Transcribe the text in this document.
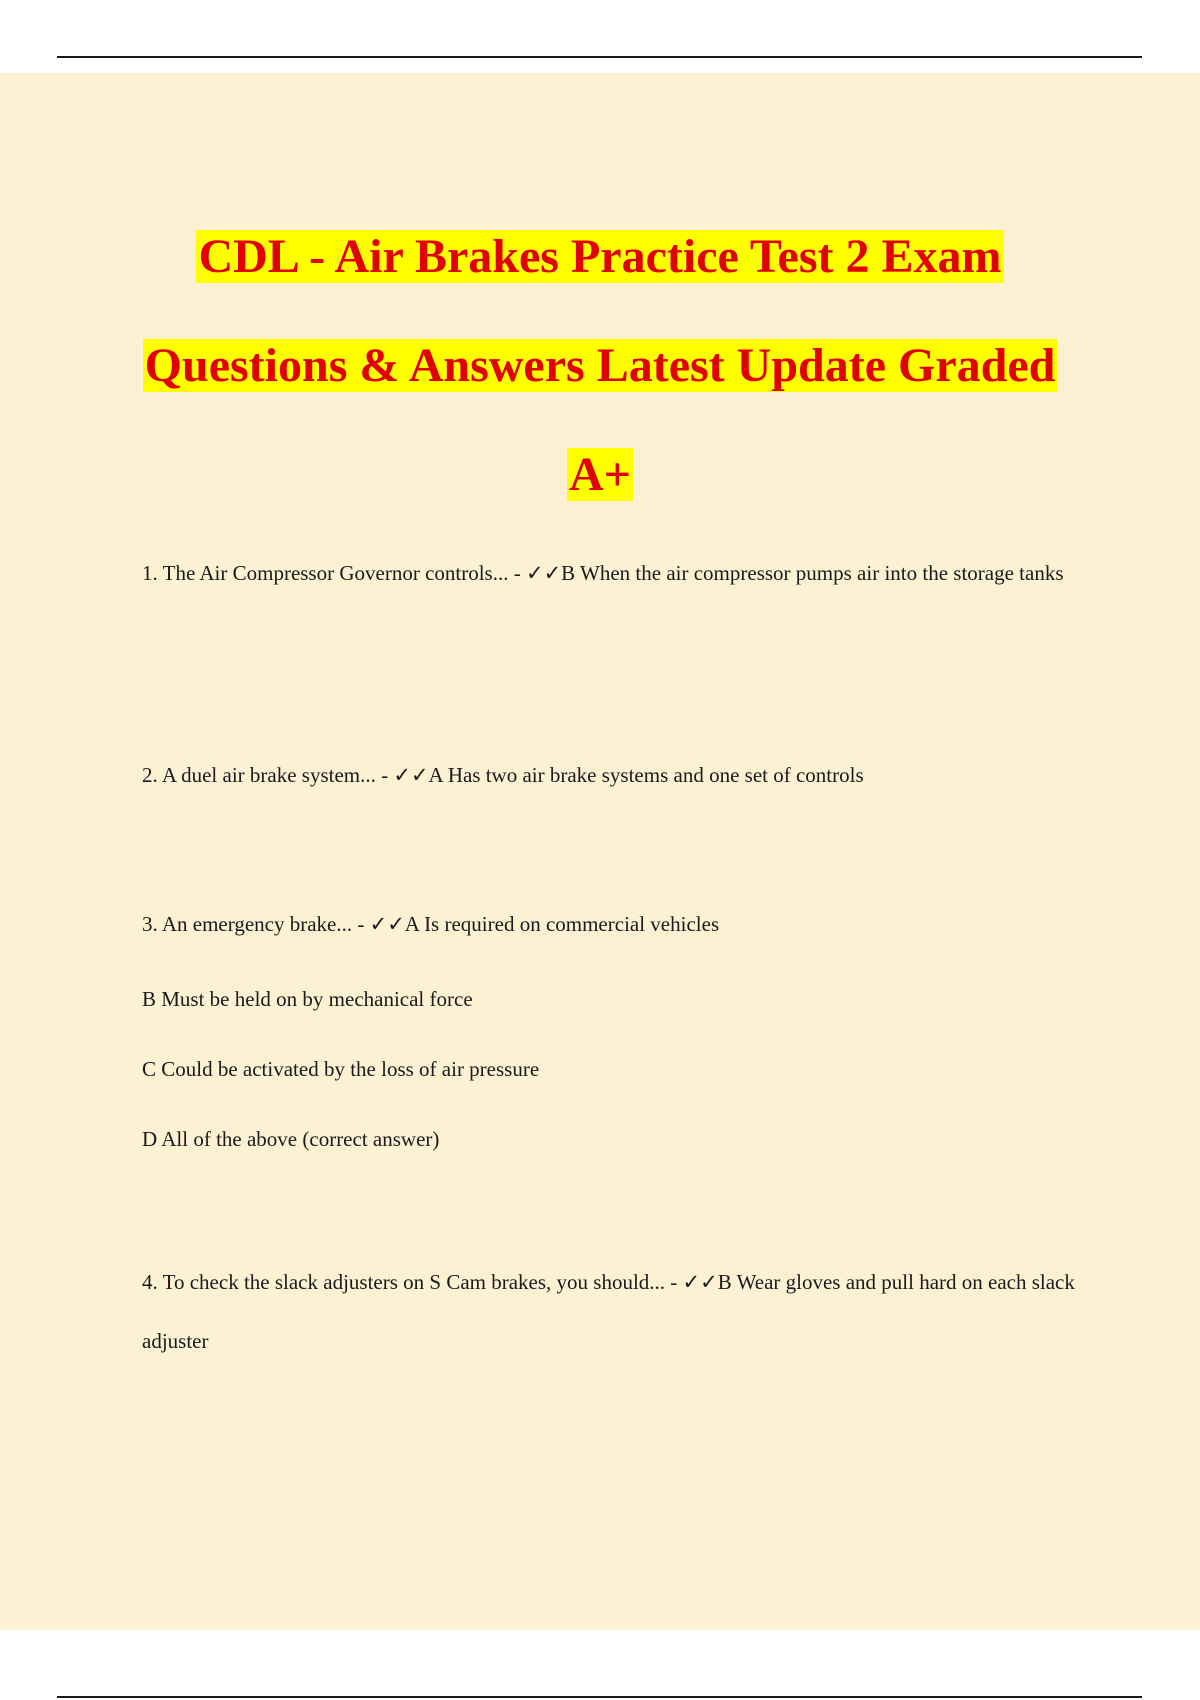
CDL - Air Brakes Practice Test 2 Exam
Questions & Answers Latest Update Graded
A+

1. The Air Compressor Governor controls... - ✓✓B When the air compressor pumps air into the storage tanks

2. A duel air brake system... - ✓✓A Has two air brake systems and one set of controls

3. An emergency brake... - ✓✓A Is required on commercial vehicles

B Must be held on by mechanical force
C Could be activated by the loss of air pressure
D All of the above (correct answer)

4. To check the slack adjusters on S Cam brakes, you should... - ✓✓B Wear gloves and pull hard on each slack adjuster
